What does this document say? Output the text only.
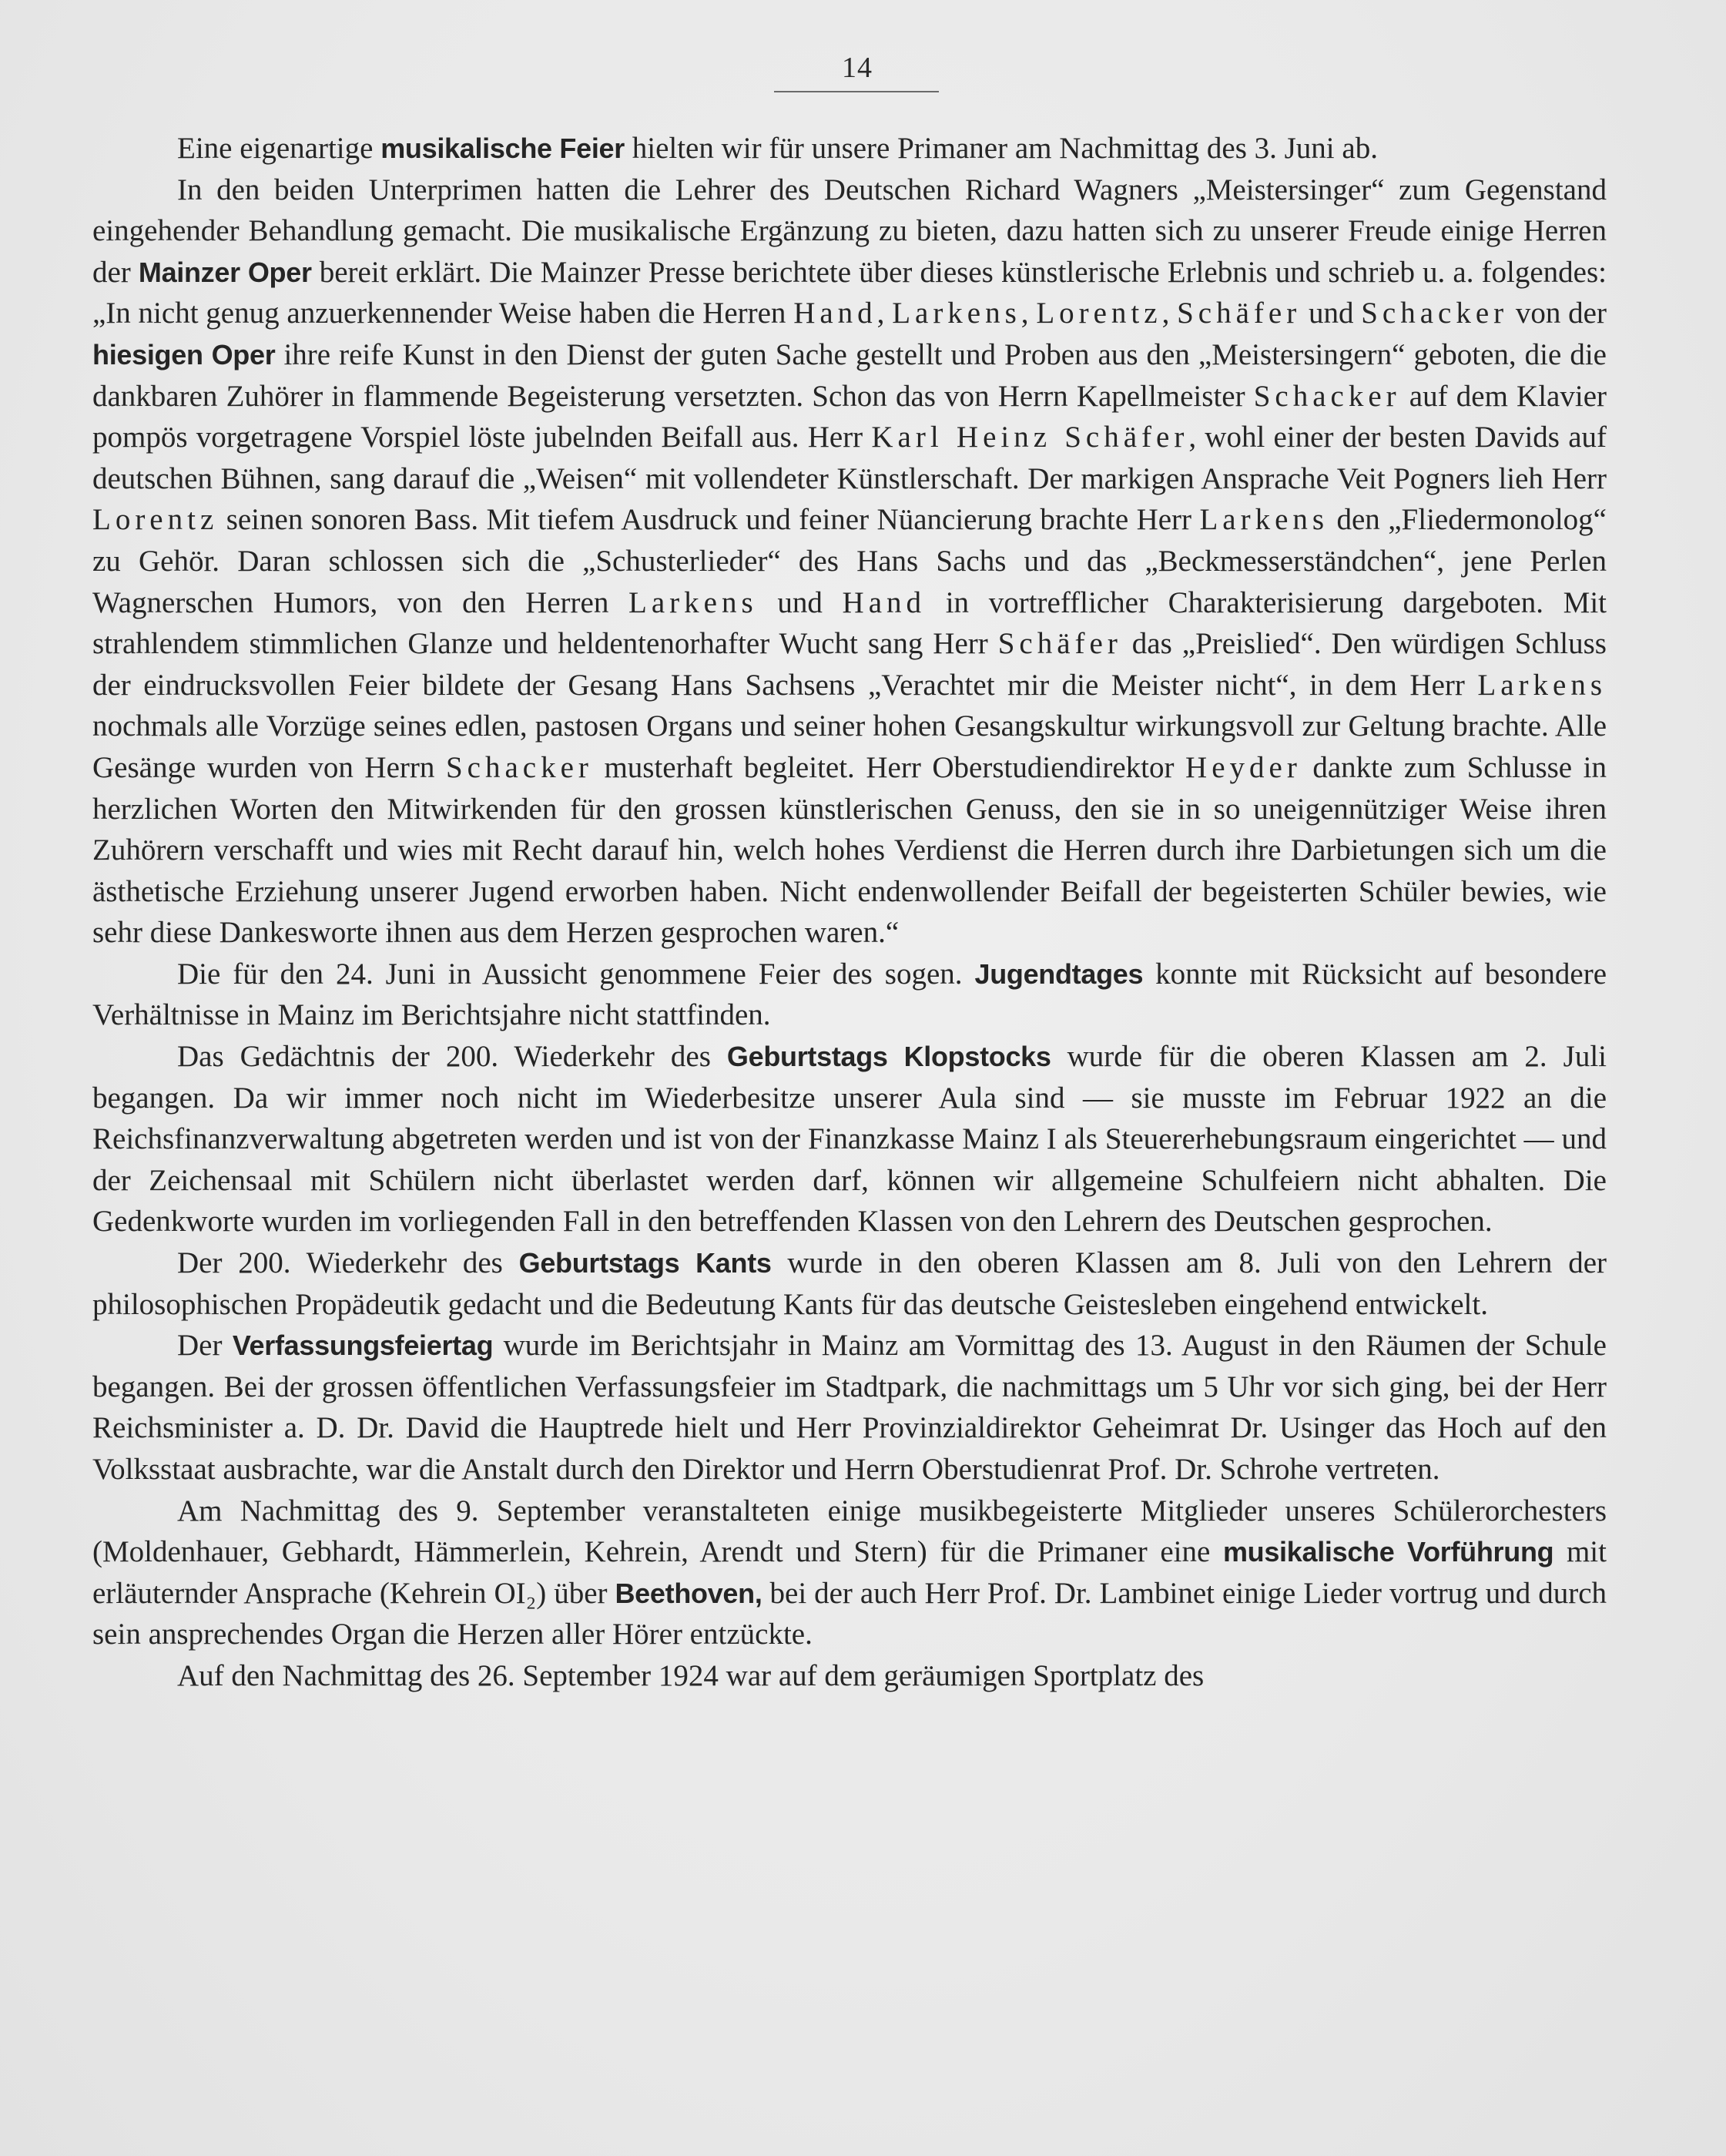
14

Eine eigenartige musikalische Feier hielten wir für unsere Primaner am Nachmittag des 3. Juni ab.

In den beiden Unterprimen hatten die Lehrer des Deutschen Richard Wagners „Meistersinger“ zum Gegenstand eingehender Behandlung gemacht. Die musikalische Ergänzung zu bieten, dazu hatten sich zu unserer Freude einige Herren der Mainzer Oper bereit erklärt. Die Mainzer Presse berichtete über dieses künstlerische Erlebnis und schrieb u. a. folgendes: „In nicht genug anzuerkennender Weise haben die Herren Hand, Larkens, Lorentz, Schäfer und Schacker von der hiesigen Oper ihre reife Kunst in den Dienst der guten Sache gestellt und Proben aus den „Meistersingern“ geboten, die die dankbaren Zuhörer in flammende Begeisterung versetzten. Schon das von Herrn Kapellmeister Schacker auf dem Klavier pompös vorgetragene Vorspiel löste jubelnden Beifall aus. Herr Karl Heinz Schäfer, wohl einer der besten Davids auf deutschen Bühnen, sang darauf die „Weisen“ mit vollendeter Künstlerschaft. Der markigen Ansprache Veit Pogners lieh Herr Lorentz seinen sonoren Bass. Mit tiefem Ausdruck und feiner Nüancierung brachte Herr Larkens den „Fliedermonolog“ zu Gehör. Daran schlossen sich die „Schusterlieder“ des Hans Sachs und das „Beckmesserständchen“, jene Perlen Wagnerschen Humors, von den Herren Larkens und Hand in vortrefflicher Charakterisierung dargeboten. Mit strahlendem stimmlichen Glanze und heldentenorhafter Wucht sang Herr Schäfer das „Preislied“. Den würdigen Schluss der eindrucksvollen Feier bildete der Gesang Hans Sachsens „Verachtet mir die Meister nicht“, in dem Herr Larkens nochmals alle Vorzüge seines edlen, pastosen Organs und seiner hohen Gesangskultur wirkungsvoll zur Geltung brachte. Alle Gesänge wurden von Herrn Schacker musterhaft begleitet. Herr Oberstudiendirektor Heyder dankte zum Schlusse in herzlichen Worten den Mitwirkenden für den grossen künstlerischen Genuss, den sie in so uneigennütziger Weise ihren Zuhörern verschafft und wies mit Recht darauf hin, welch hohes Verdienst die Herren durch ihre Darbietungen sich um die ästhetische Erziehung unserer Jugend erworben haben. Nicht endenwollender Beifall der begeisterten Schüler bewies, wie sehr diese Dankesworte ihnen aus dem Herzen gesprochen waren.“

Die für den 24. Juni in Aussicht genommene Feier des sogen. Jugendtages konnte mit Rücksicht auf besondere Verhältnisse in Mainz im Berichtsjahre nicht stattfinden.

Das Gedächtnis der 200. Wiederkehr des Geburtstags Klopstocks wurde für die oberen Klassen am 2. Juli begangen. Da wir immer noch nicht im Wiederbesitze unserer Aula sind — sie musste im Februar 1922 an die Reichsfinanzverwaltung abgetreten werden und ist von der Finanzkasse Mainz I als Steuererhebungsraum eingerichtet — und der Zeichensaal mit Schülern nicht überlastet werden darf, können wir allgemeine Schulfeiern nicht abhalten. Die Gedenkworte wurden im vorliegenden Fall in den betreffenden Klassen von den Lehrern des Deutschen gesprochen.

Der 200. Wiederkehr des Geburtstags Kants wurde in den oberen Klassen am 8. Juli von den Lehrern der philosophischen Propädeutik gedacht und die Bedeutung Kants für das deutsche Geistesleben eingehend entwickelt.

Der Verfassungsfeiertag wurde im Berichtsjahr in Mainz am Vormittag des 13. August in den Räumen der Schule begangen. Bei der grossen öffentlichen Verfassungsfeier im Stadtpark, die nachmittags um 5 Uhr vor sich ging, bei der Herr Reichsminister a. D. Dr. David die Hauptrede hielt und Herr Provinzialdirektor Geheimrat Dr. Usinger das Hoch auf den Volksstaat ausbrachte, war die Anstalt durch den Direktor und Herrn Oberstudienrat Prof. Dr. Schrohe vertreten.

Am Nachmittag des 9. September veranstalteten einige musikbegeisterte Mitglieder unseres Schülerorchesters (Moldenhauer, Gebhardt, Hämmerlein, Kehrein, Arendt und Stern) für die Primaner eine musikalische Vorführung mit erläuternder Ansprache (Kehrein OI₂) über Beethoven, bei der auch Herr Prof. Dr. Lambinet einige Lieder vortrug und durch sein ansprechendes Organ die Herzen aller Hörer entzückte.

Auf den Nachmittag des 26. September 1924 war auf dem geräumigen Sportplatz des
